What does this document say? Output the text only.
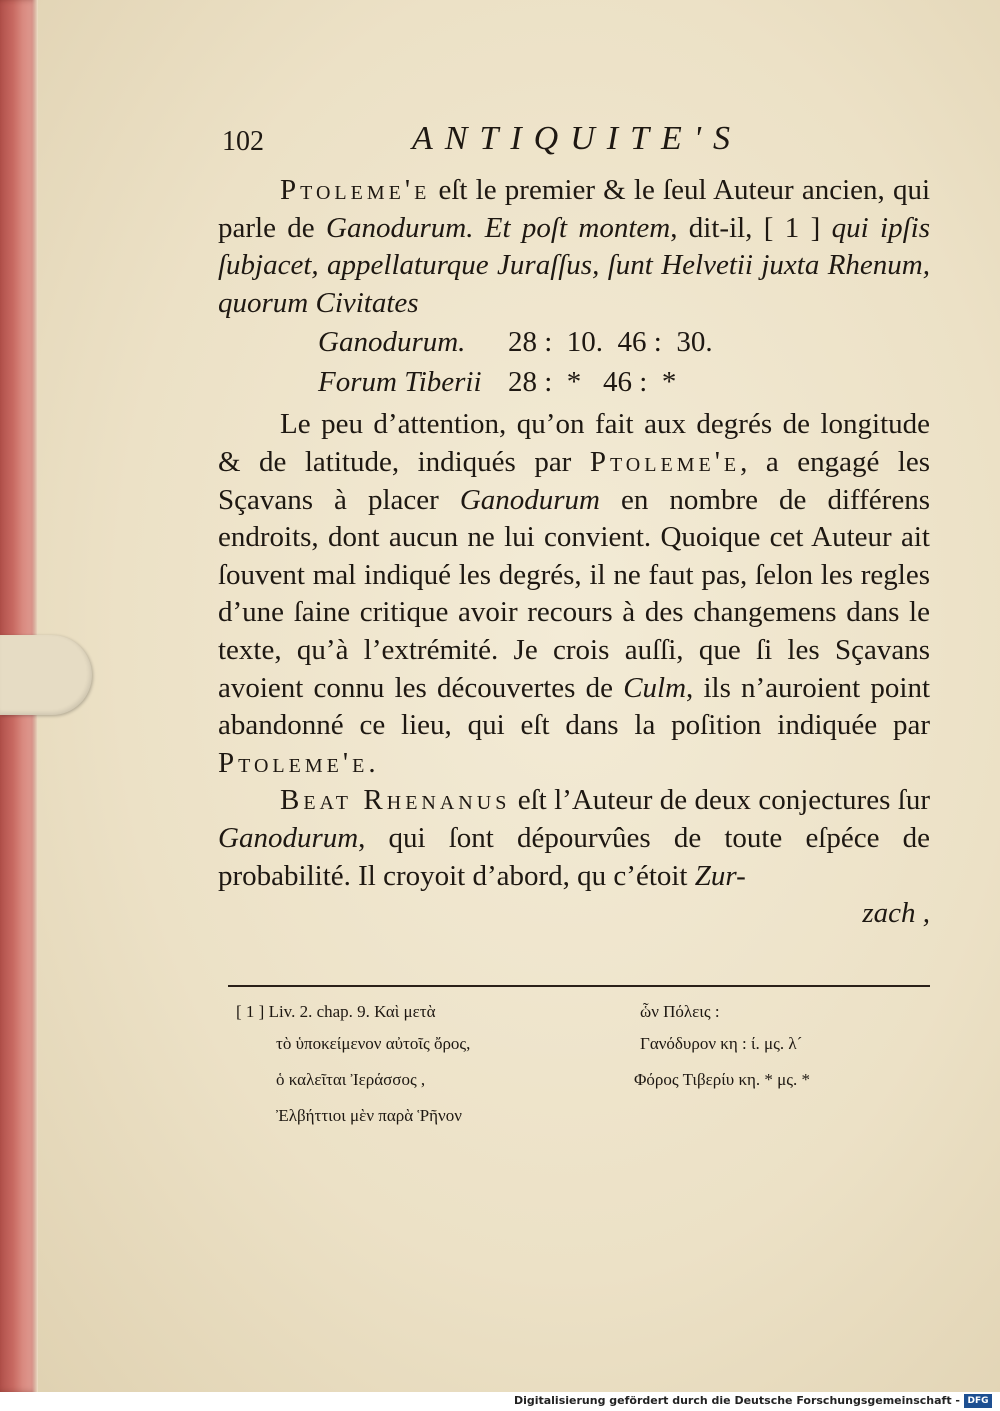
102	ANTIQUITE'S

Ptoleme'e eſt le premier & le ſeul Auteur ancien, qui parle de Ganodurum. Et poſt montem, dit-il, [ 1 ] qui ipſis ſubjacet, appellaturque Juraſſus, ſunt Helvetii juxta Rhenum, quorum Civitates

Ganodurum. 28 :  10.  46 :  30.

Forum Tiberii 28 :  *   46 :  *

Le peu d’attention, qu’on fait aux degrés de longitude & de latitude, indiqués par Ptoleme'e, a engagé les Sçavans à placer Ganodurum en nombre de différens endroits, dont aucun ne lui convient. Quoique cet Auteur ait ſouvent mal indiqué les degrés, il ne faut pas, ſelon les regles d’une ſaine critique avoir recours à des changemens dans le texte, qu’à l’extrémité. Je crois auſſi, que ſi les Sçavans avoient connu les découvertes de Culm, ils n’auroient point abandonné ce lieu, qui eſt dans la poſition indiquée par Ptoleme'e.

Beat Rhenanus eſt l’Auteur de deux conjectures ſur Ganodurum, qui ſont dépourvûes de toute eſpéce de probabilité. Il croyoit d’abord, qu c’étoit Zur-

zach ,

[ 1 ] Liv. 2. chap. 9. Καὶ μετὰ
τὸ ὑποκείμενον αὐτοῖς ὄρος,
ὁ καλεῖται Ἰεράσσος ,
Ἐλβήττιοι μὲν παρὰ Ῥῆνον
ὧν Πόλεις :
Γανόδυρον κη : ί. μς. λ´
Φόρος Τιβερίυ κη. * μς. *
Digitalisierung gefördert durch die Deutsche Forschungsgemeinschaft - DFG
